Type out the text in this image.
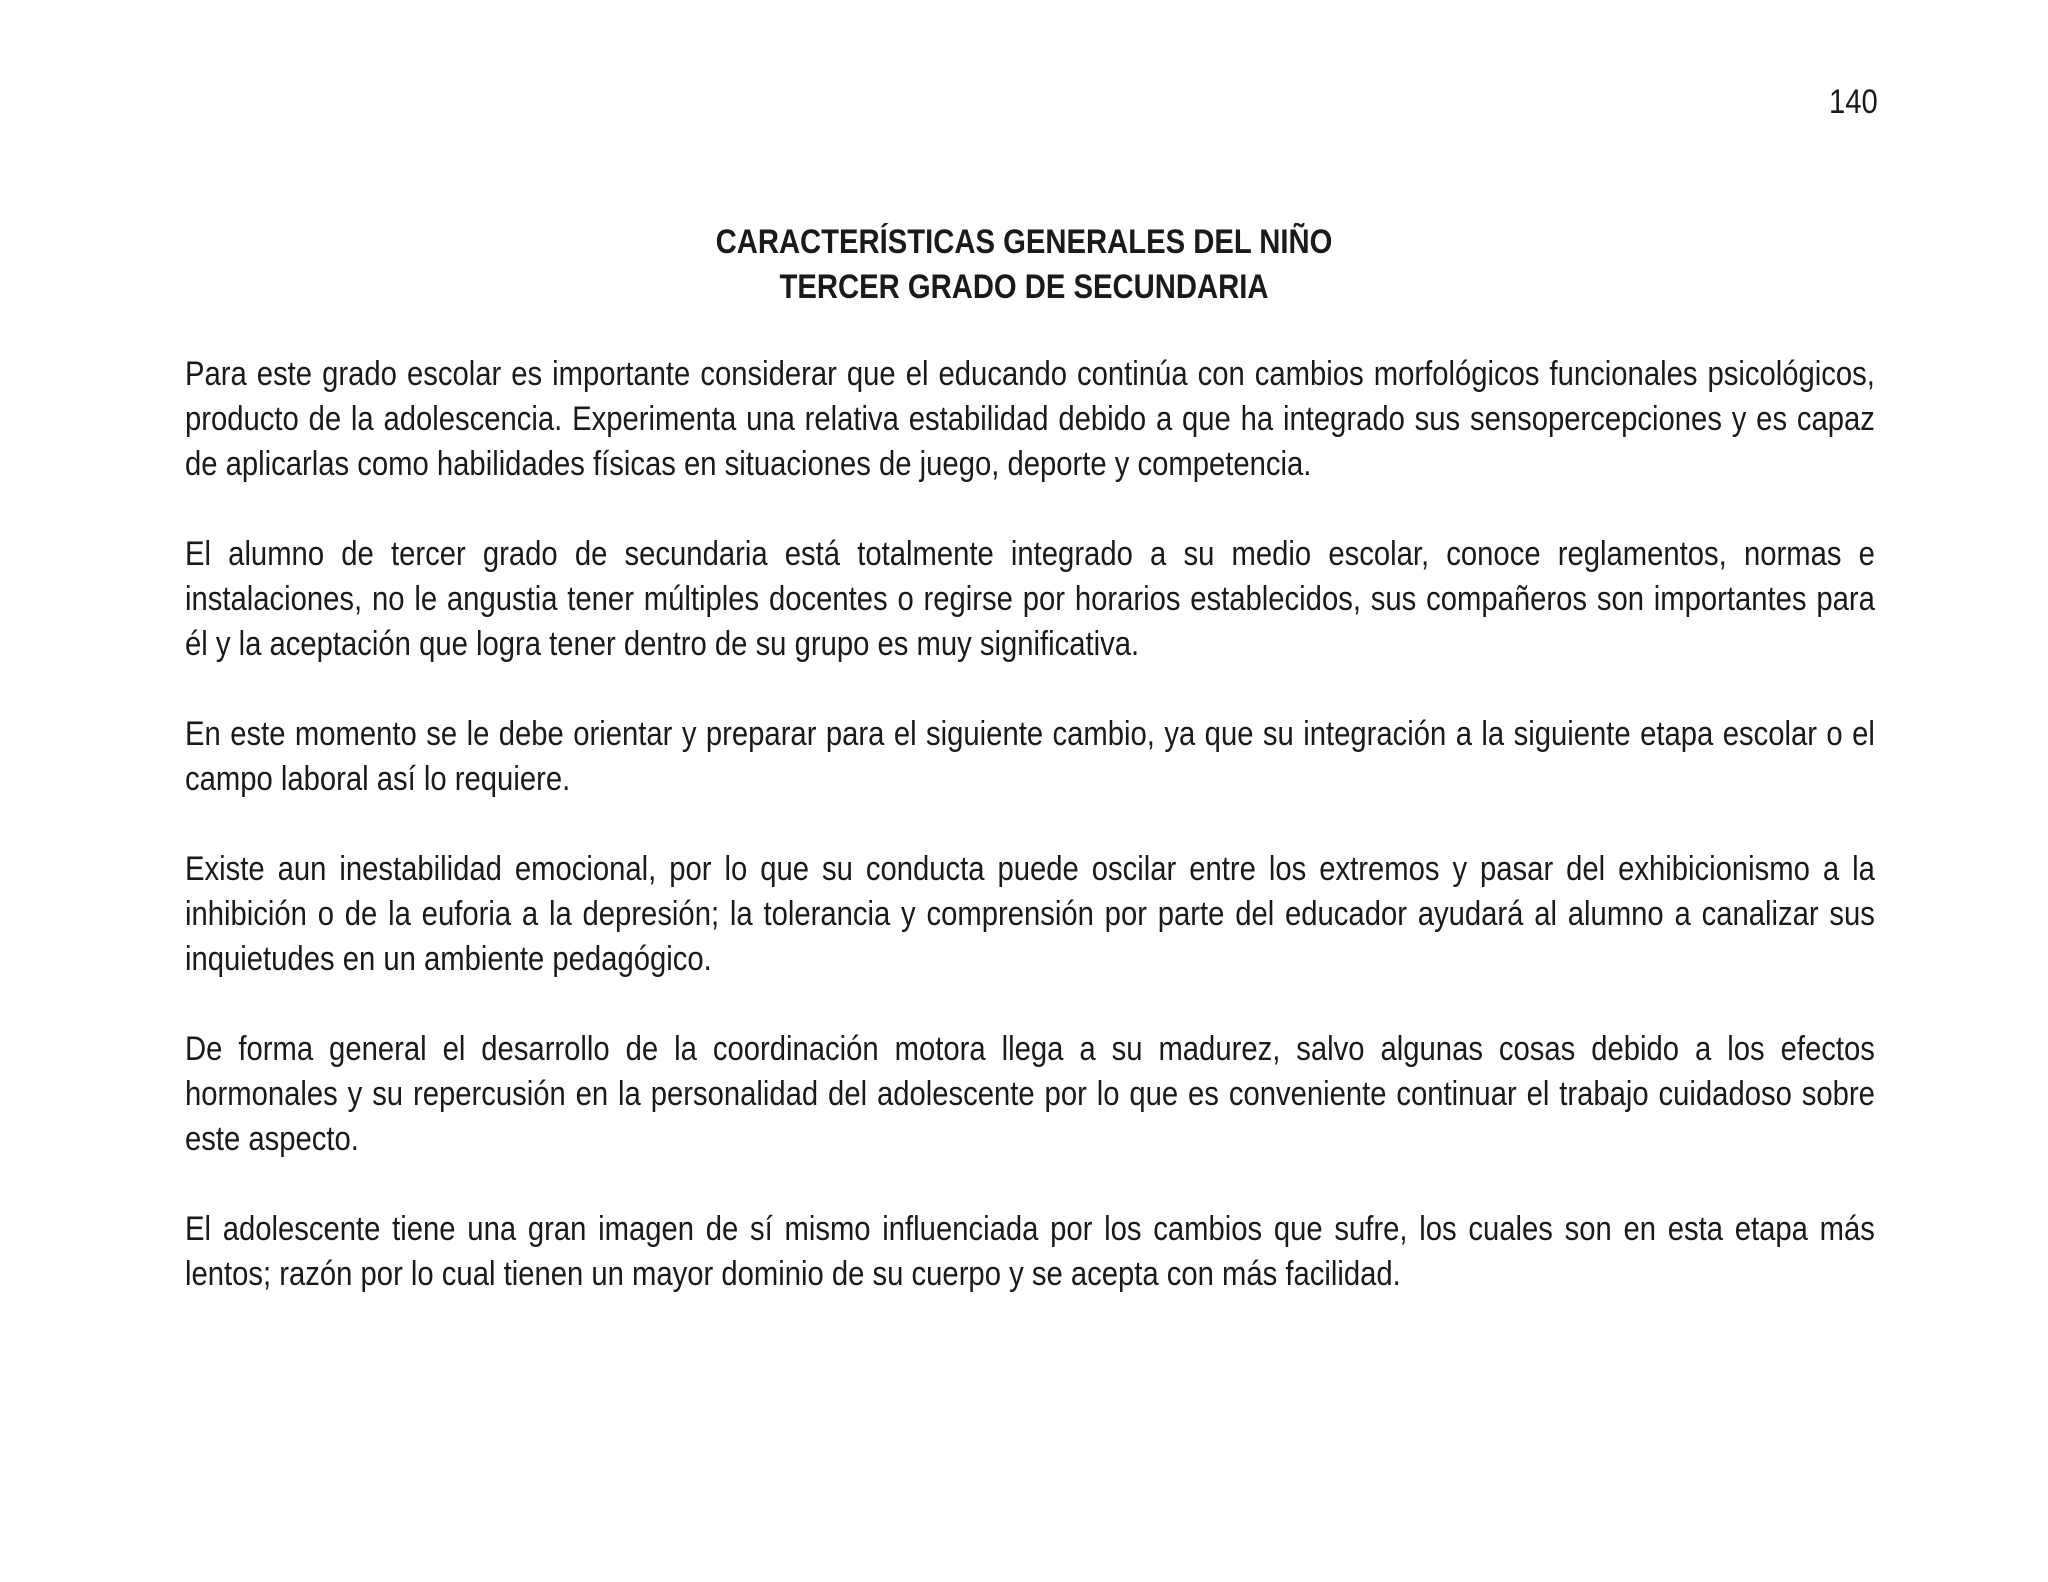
140
CARACTERÍSTICAS GENERALES DEL NIÑO
TERCER GRADO DE SECUNDARIA

Para este grado escolar es importante considerar que el educando continúa con cambios morfológicos funcionales psicológicos, producto de la adolescencia. Experimenta una relativa estabilidad debido a que ha integrado sus sensopercepciones y es capaz de aplicarlas como habilidades físicas en situaciones de juego, deporte y competencia.

El alumno de tercer grado de secundaria está totalmente integrado a su medio escolar, conoce reglamentos, normas e instalaciones, no le angustia tener múltiples docentes o regirse por horarios establecidos, sus compañeros son importantes para él y la aceptación que logra tener dentro de su grupo es muy significativa.

En este momento se le debe orientar y preparar para el siguiente cambio, ya que su integración a la siguiente etapa escolar o el campo laboral así lo requiere.

Existe aun inestabilidad emocional, por lo que su conducta puede oscilar entre los extremos y pasar del exhibicionismo a la inhibición o de la euforia a la depresión; la tolerancia y comprensión por parte del educador ayudará al alumno a canalizar sus inquietudes en un ambiente pedagógico.

De forma general el desarrollo de la coordinación motora llega a su madurez, salvo algunas cosas debido a los efectos hormonales y su repercusión en la personalidad del adolescente por lo que es conveniente continuar el trabajo cuidadoso sobre este aspecto.

El adolescente tiene una gran imagen de sí mismo influenciada por los cambios que sufre, los cuales son en esta etapa más lentos; razón por lo cual tienen un mayor dominio de su cuerpo y se acepta con más facilidad.
